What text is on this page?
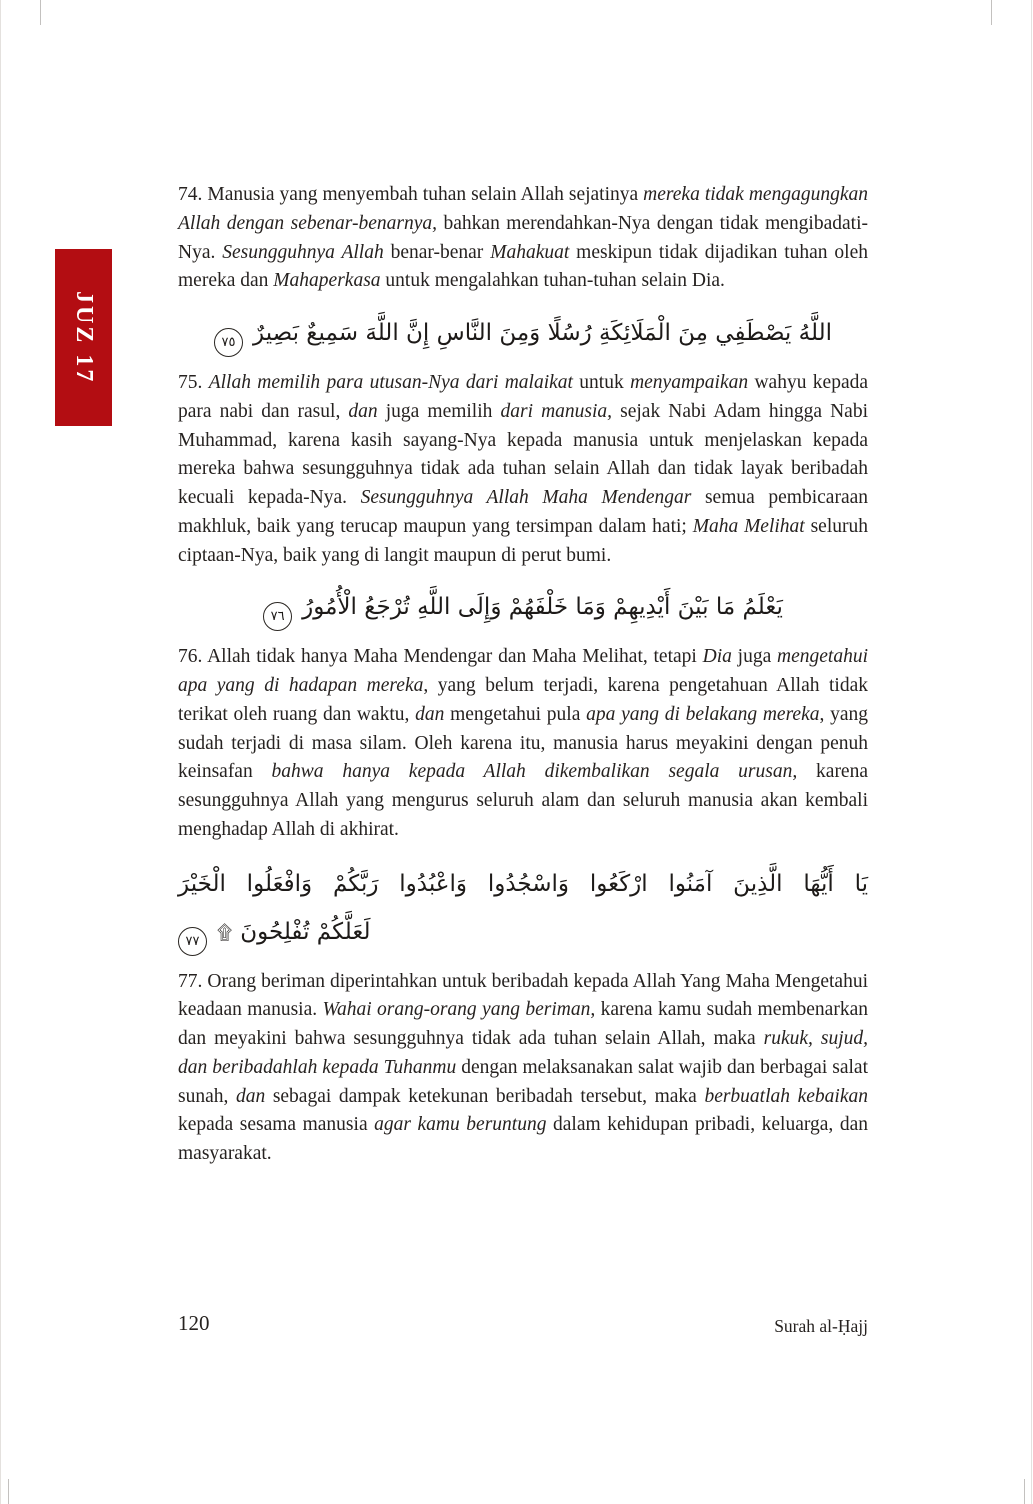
JUZ 17

74. Manusia yang menyembah tuhan selain Allah sejatinya mereka tidak mengagungkan Allah dengan sebenar-benarnya, bahkan merendahkan-Nya dengan tidak mengibadati-Nya. Sesungguhnya Allah benar-benar Mahakuat meskipun tidak dijadikan tuhan oleh mereka dan Mahaperkasa untuk mengalahkan tuhan-tuhan selain Dia.

اللَّهُ يَصْطَفِي مِنَ الْمَلَائِكَةِ رُسُلًا وَمِنَ النَّاسِ إِنَّ اللَّهَ سَمِيعٌ بَصِيرٌ
٧٥

75. Allah memilih para utusan-Nya dari malaikat untuk menyampaikan wahyu kepada para nabi dan rasul, dan juga memilih dari manusia, sejak Nabi Adam hingga Nabi Muhammad, karena kasih sayang-Nya kepada manusia untuk menjelaskan kepada mereka bahwa sesungguhnya tidak ada tuhan selain Allah dan tidak layak beribadah kecuali kepada-Nya. Sesungguhnya Allah Maha Mendengar semua pembicaraan makhluk, baik yang terucap maupun yang tersimpan dalam hati; Maha Melihat seluruh ciptaan-Nya, baik yang di langit maupun di perut bumi.

يَعْلَمُ مَا بَيْنَ أَيْدِيهِمْ وَمَا خَلْفَهُمْ وَإِلَى اللَّهِ تُرْجَعُ الْأُمُورُ
٧٦

76. Allah tidak hanya Maha Mendengar dan Maha Melihat, tetapi Dia juga mengetahui apa yang di hadapan mereka, yang belum terjadi, karena pengetahuan Allah tidak terikat oleh ruang dan waktu, dan mengetahui pula apa yang di belakang mereka, yang sudah terjadi di masa silam. Oleh karena itu, manusia harus meyakini dengan penuh keinsafan bahwa hanya kepada Allah dikembalikan segala urusan, karena sesungguhnya Allah yang mengurus seluruh alam dan seluruh manusia akan kembali menghadap Allah di akhirat.

يَا أَيُّهَا الَّذِينَ آمَنُوا ارْكَعُوا وَاسْجُدُوا وَاعْبُدُوا رَبَّكُمْ وَافْعَلُوا الْخَيْرَ
لَعَلَّكُمْ تُفْلِحُونَ۩
٧٧

77. Orang beriman diperintahkan untuk beribadah kepada Allah Yang Maha Mengetahui keadaan manusia. Wahai orang-orang yang beriman, karena kamu sudah membenarkan dan meyakini bahwa sesungguhnya tidak ada tuhan selain Allah, maka rukuk, sujud, dan beribadahlah kepada Tuhanmu dengan melaksanakan salat wajib dan berbagai salat sunah, dan sebagai dampak ketekunan beribadah tersebut, maka berbuatlah kebaikan kepada sesama manusia agar kamu beruntung dalam kehidupan pribadi, keluarga, dan masyarakat.

120	Surah al-Ḥajj
